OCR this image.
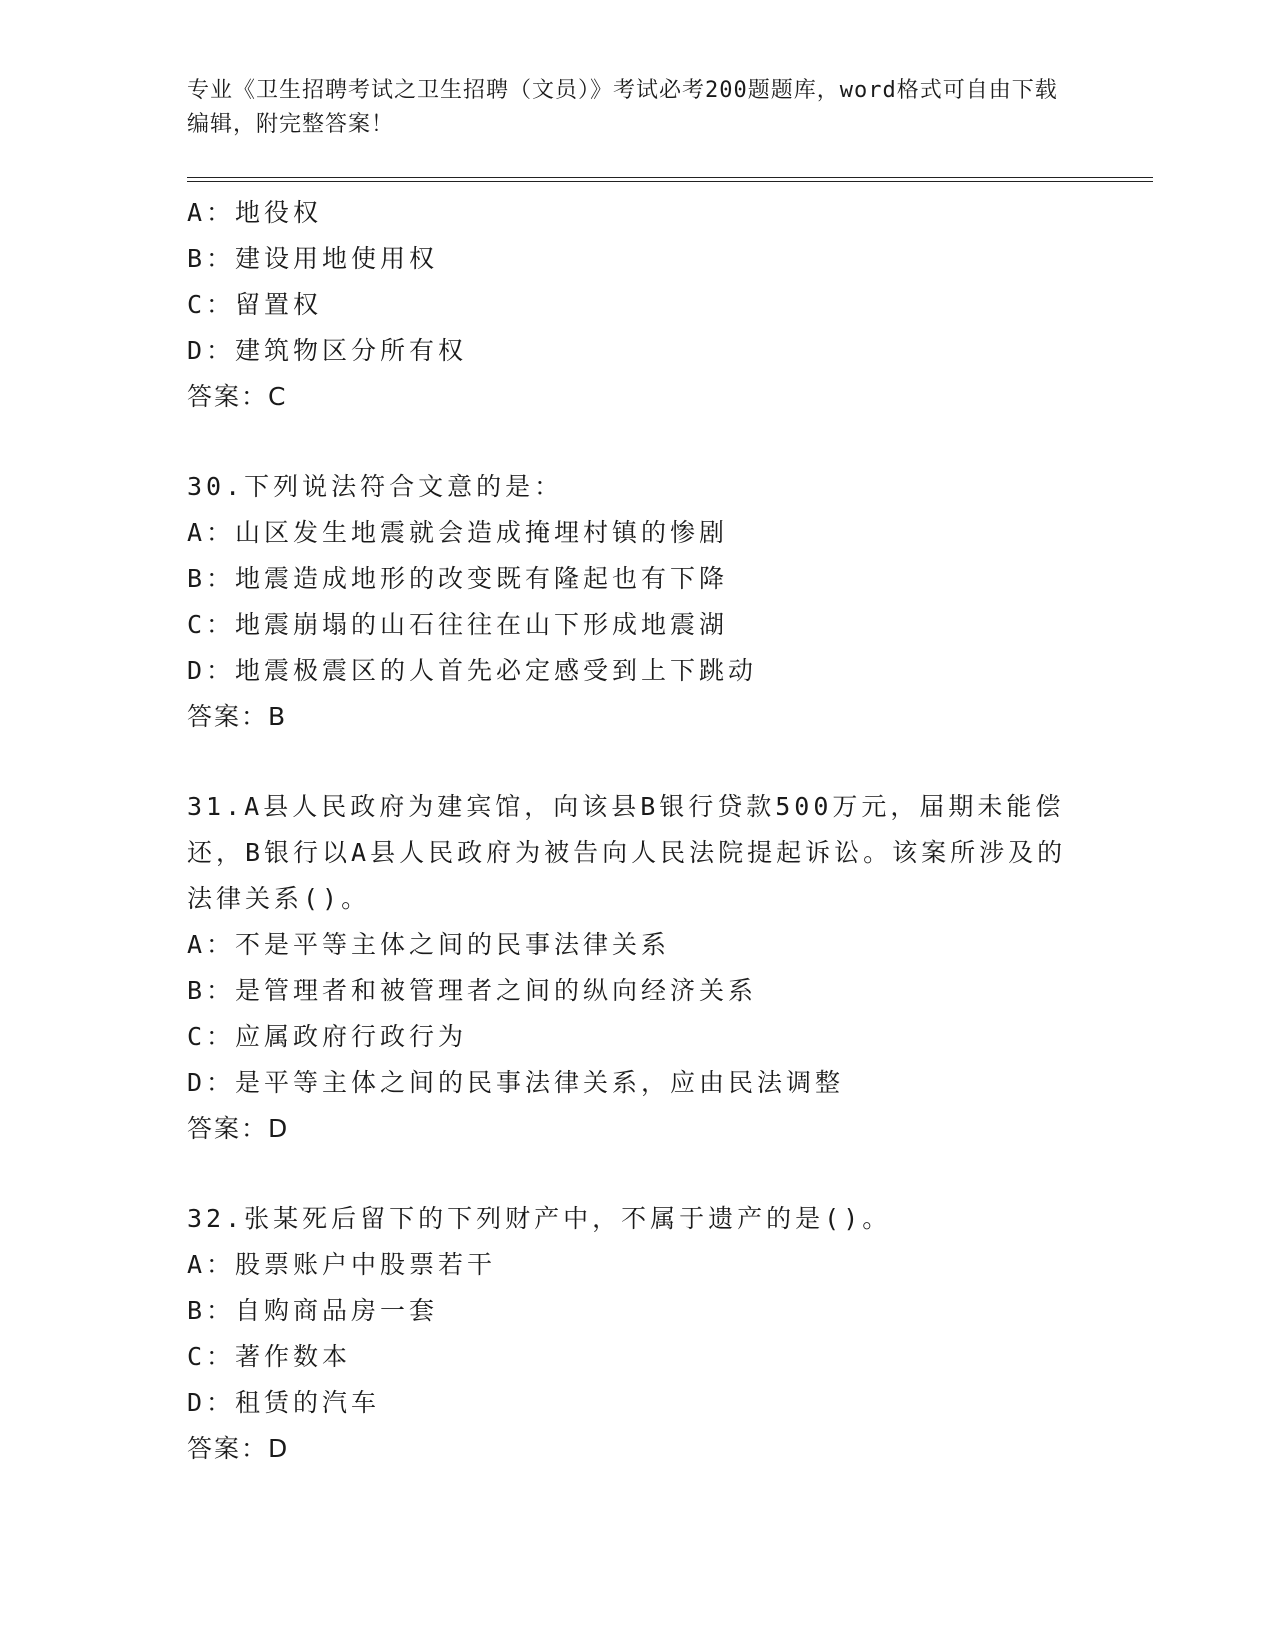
专业《卫生招聘考试之卫生招聘（文员）》考试必考200题题库，word格式可自由下载编辑，附完整答案！
A：地役权
B：建设用地使用权
C：留置权
D：建筑物区分所有权
答案：C
30.下列说法符合文意的是：
A：山区发生地震就会造成掩埋村镇的惨剧
B：地震造成地形的改变既有隆起也有下降
C：地震崩塌的山石往往在山下形成地震湖
D：地震极震区的人首先必定感受到上下跳动
答案：B
31.A县人民政府为建宾馆，向该县B银行贷款500万元，届期未能偿
还，B银行以A县人民政府为被告向人民法院提起诉讼。该案所涉及的
法律关系()。
A：不是平等主体之间的民事法律关系
B：是管理者和被管理者之间的纵向经济关系
C：应属政府行政行为
D：是平等主体之间的民事法律关系，应由民法调整
答案：D
32.张某死后留下的下列财产中，不属于遗产的是()。
A：股票账户中股票若干
B：自购商品房一套
C：著作数本
D：租赁的汽车
答案：D
